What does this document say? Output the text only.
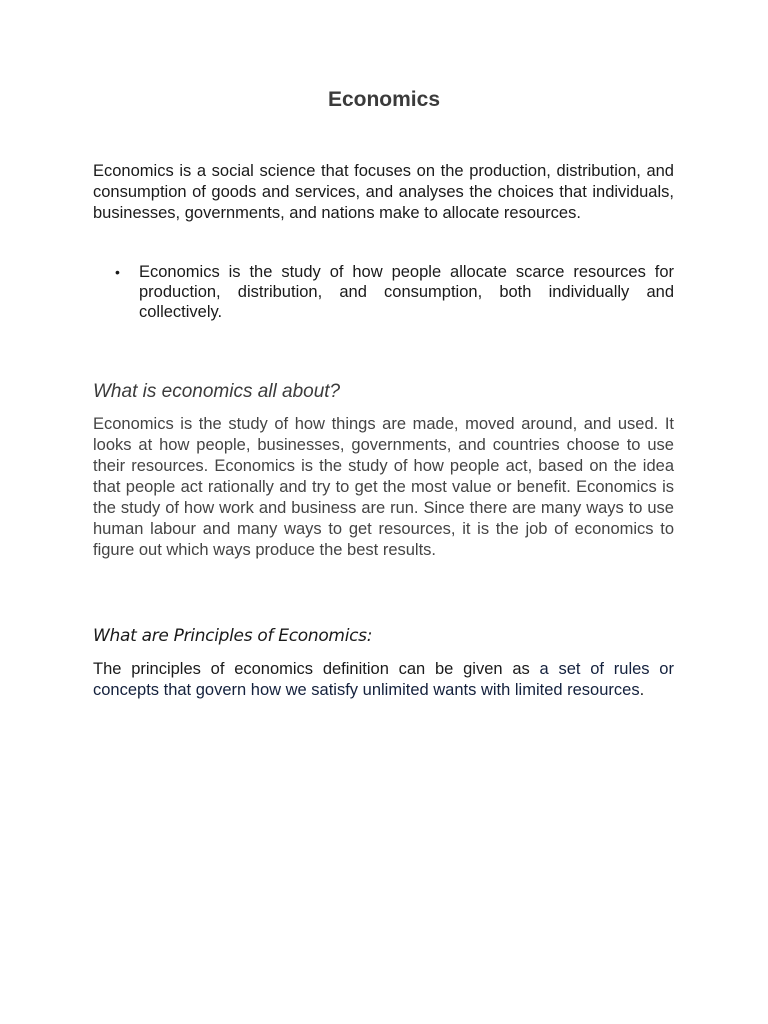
Economics

Economics is a social science that focuses on the production, distribution, and consumption of goods and services, and analyses the choices that individuals, businesses, governments, and nations make to allocate resources.

• Economics is the study of how people allocate scarce resources for production, distribution, and consumption, both individually and collectively.
What is economics all about?

Economics is the study of how things are made, moved around, and used. It looks at how people, businesses, governments, and countries choose to use their resources. Economics is the study of how people act, based on the idea that people act rationally and try to get the most value or benefit. Economics is the study of how work and business are run. Since there are many ways to use human labour and many ways to get resources, it is the job of economics to figure out which ways produce the best results.

What are Principles of Economics:

The principles of economics definition can be given as a set of rules or concepts that govern how we satisfy unlimited wants with limited resources.
